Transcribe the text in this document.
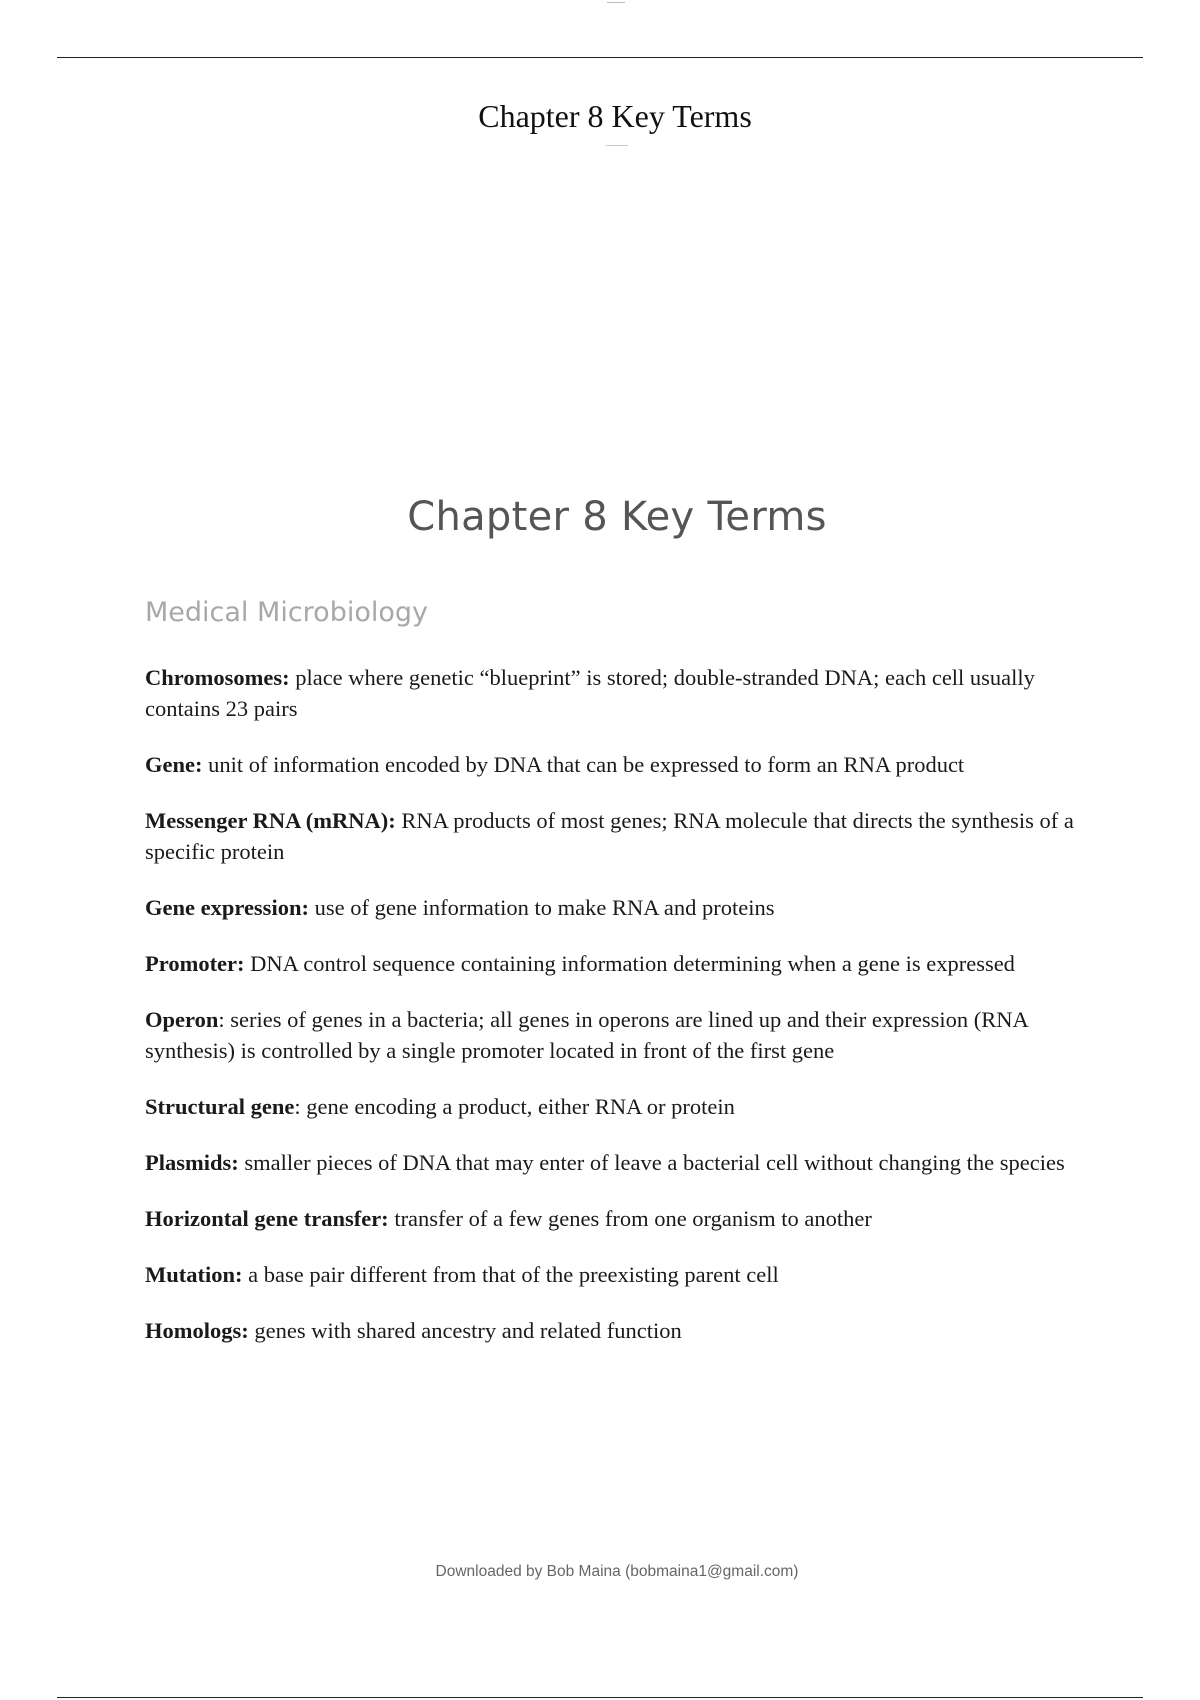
Chapter 8 Key Terms
Chapter 8 Key Terms
Medical Microbiology
Chromosomes: place where genetic “blueprint” is stored; double-stranded DNA; each cell usually contains 23 pairs
Gene: unit of information encoded by DNA that can be expressed to form an RNA product
Messenger RNA (mRNA): RNA products of most genes; RNA molecule that directs the synthesis of a specific protein
Gene expression: use of gene information to make RNA and proteins
Promoter: DNA control sequence containing information determining when a gene is expressed
Operon: series of genes in a bacteria; all genes in operons are lined up and their expression (RNA synthesis) is controlled by a single promoter located in front of the first gene
Structural gene: gene encoding a product, either RNA or protein
Plasmids: smaller pieces of DNA that may enter of leave a bacterial cell without changing the species
Horizontal gene transfer: transfer of a few genes from one organism to another
Mutation: a base pair different from that of the preexisting parent cell
Homologs: genes with shared ancestry and related function
Downloaded by Bob Maina (bobmaina1@gmail.com)
